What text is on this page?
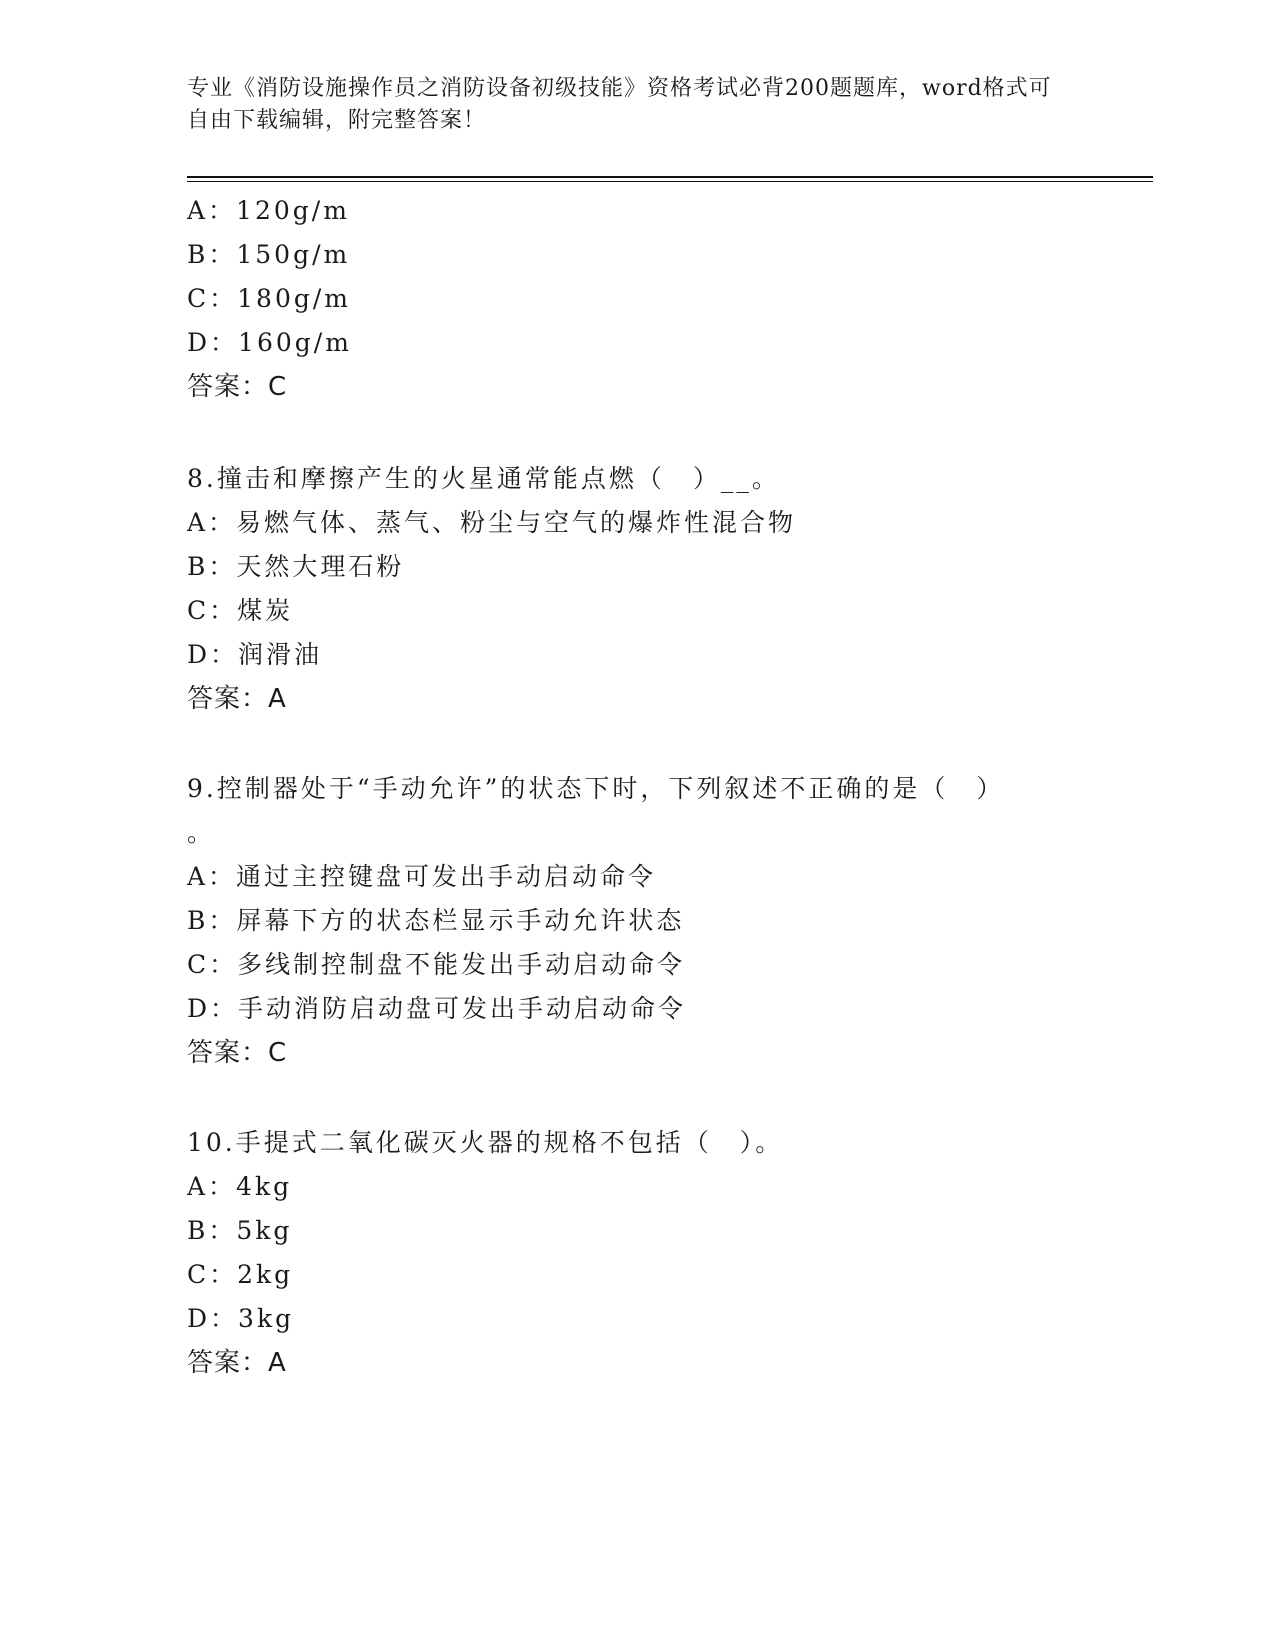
专业《消防设施操作员之消防设备初级技能》资格考试必背200题题库，word格式可自由下载编辑，附完整答案！
A：120g/m
B：150g/m
C：180g/m
D：160g/m
答案：C
8.撞击和摩擦产生的火星通常能点燃（　）__。
A：易燃气体、蒸气、粉尘与空气的爆炸性混合物
B：天然大理石粉
C：煤炭
D：润滑油
答案：A
9.控制器处于“手动允许”的状态下时，下列叙述不正确的是（　）
。
A：通过主控键盘可发出手动启动命令
B：屏幕下方的状态栏显示手动允许状态
C：多线制控制盘不能发出手动启动命令
D：手动消防启动盘可发出手动启动命令
答案：C
10.手提式二氧化碳灭火器的规格不包括（　）。
A：4kg
B：5kg
C：2kg
D：3kg
答案：A
